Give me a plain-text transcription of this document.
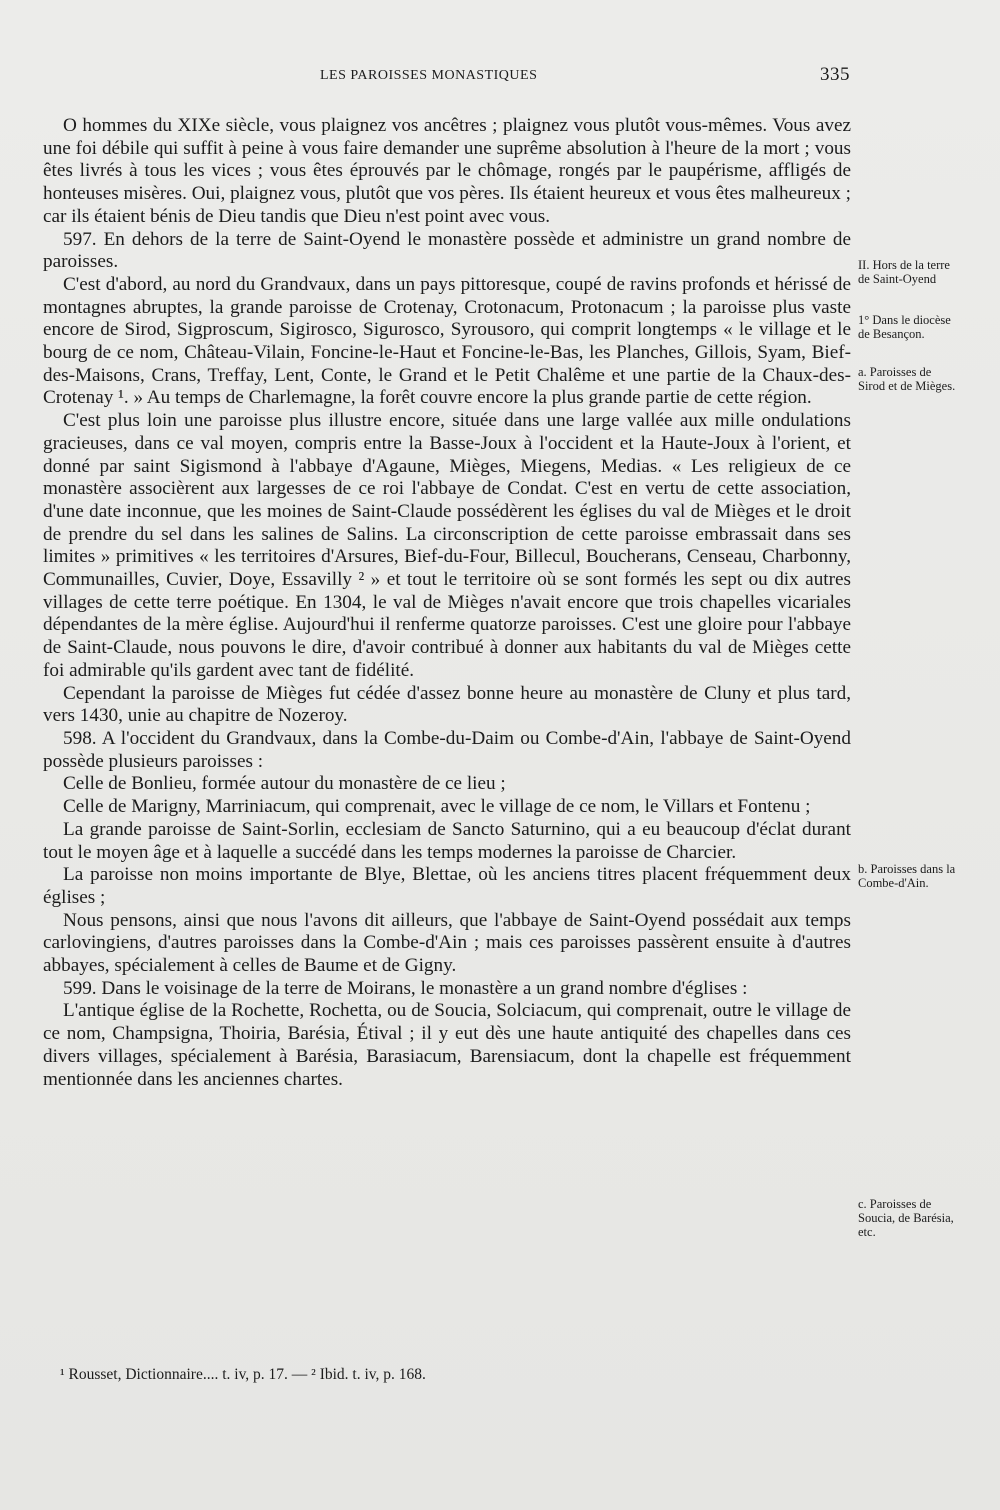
LES PAROISSES MONASTIQUES	335

O hommes du XIXe siècle, vous plaignez vos ancêtres ; plaignez vous plutôt vous-mêmes. Vous avez une foi débile qui suffit à peine à vous faire demander une suprême absolution à l'heure de la mort ; vous êtes livrés à tous les vices ; vous êtes éprouvés par le chômage, rongés par le paupérisme, affligés de honteuses misères. Oui, plaignez vous, plutôt que vos pères. Ils étaient heureux et vous êtes malheureux ; car ils étaient bénis de Dieu tandis que Dieu n'est point avec vous.

597. En dehors de la terre de Saint-Oyend le monastère possède et administre un grand nombre de paroisses.

C'est d'abord, au nord du Grandvaux, dans un pays pittoresque, coupé de ravins profonds et hérissé de montagnes abruptes, la grande paroisse de Crotenay, Crotonacum, Protonacum ; la paroisse plus vaste encore de Sirod, Sigproscum, Sigirosco, Siguroscо, Syrousoro, qui comprit longtemps « le village et le bourg de ce nom, Château-Vilain, Foncine-le-Haut et Foncine-le-Bas, les Planches, Gillois, Syam, Bief-des-Maisons, Crans, Treffay, Lent, Conte, le Grand et le Petit Chalême et une partie de la Chaux-des-Crotenay ¹. » Au temps de Charlemagne, la forêt couvre encore la plus grande partie de cette région.

C'est plus loin une paroisse plus illustre encore, située dans une large vallée aux mille ondulations gracieuses, dans ce val moyen, compris entre la Basse-Joux à l'occident et la Haute-Joux à l'orient, et donné par saint Sigismond à l'abbaye d'Agaune, Mièges, Miegens, Medias. « Les religieux de ce monastère associèrent aux largesses de ce roi l'abbaye de Condat. C'est en vertu de cette association, d'une date inconnue, que les moines de Saint-Claude possédèrent les églises du val de Mièges et le droit de prendre du sel dans les salines de Salins. La circonscription de cette paroisse embrassait dans ses limites » primitives « les territoires d'Arsures, Bief-du-Four, Billecul, Boucherans, Censeau, Charbonny, Communailles, Cuvier, Doye, Essavilly ² » et tout le territoire où se sont formés les sept ou dix autres villages de cette terre poétique. En 1304, le val de Mièges n'avait encore que trois chapelles vicariales dépendantes de la mère église. Aujourd'hui il renferme quatorze paroisses. C'est une gloire pour l'abbaye de Saint-Claude, nous pouvons le dire, d'avoir contribué à donner aux habitants du val de Mièges cette foi admirable qu'ils gardent avec tant de fidélité.

Cependant la paroisse de Mièges fut cédée d'assez bonne heure au monastère de Cluny et plus tard, vers 1430, unie au chapitre de Nozeroy.

598. A l'occident du Grandvaux, dans la Combe-du-Daim ou Combe-d'Ain, l'abbaye de Saint-Oyend possède plusieurs paroisses :

Celle de Bonlieu, formée autour du monastère de ce lieu ;

Celle de Marigny, Marriniacum, qui comprenait, avec le village de ce nom, le Villars et Fontenu ;

La grande paroisse de Saint-Sorlin, ecclesiam de Sancto Saturnino, qui a eu beaucoup d'éclat durant tout le moyen âge et à laquelle a succédé dans les temps modernes la paroisse de Charcier.

La paroisse non moins importante de Blye, Blettae, où les anciens titres placent fréquemment deux églises ;

Nous pensons, ainsi que nous l'avons dit ailleurs, que l'abbaye de Saint-Oyend possédait aux temps carlovingiens, d'autres paroisses dans la Combe-d'Ain ; mais ces paroisses passèrent ensuite à d'autres abbayes, spécialement à celles de Baume et de Gigny.

599. Dans le voisinage de la terre de Moirans, le monastère a un grand nombre d'églises :

L'antique église de la Rochette, Rochetta, ou de Soucia, Solciacum, qui comprenait, outre le village de ce nom, Champsigna, Thoiria, Barésia, Étival ; il y eut dès une haute antiquité des chapelles dans ces divers villages, spécialement à Barésia, Barasiacum, Barensiacum, dont la chapelle est fréquemment mentionnée dans les anciennes chartes.

II. Hors de la terre de Saint-Oyend
1° Dans le diocèse de Besançon.
a. Paroisses de Sirod et de Mièges.
b. Paroisses dans la Combe-d'Ain.
c. Paroisses de Soucia, de Barésia, etc.
¹ Rousset, Dictionnaire.... t. iv, p. 17. — ² Ibid. t. iv, p. 168.
